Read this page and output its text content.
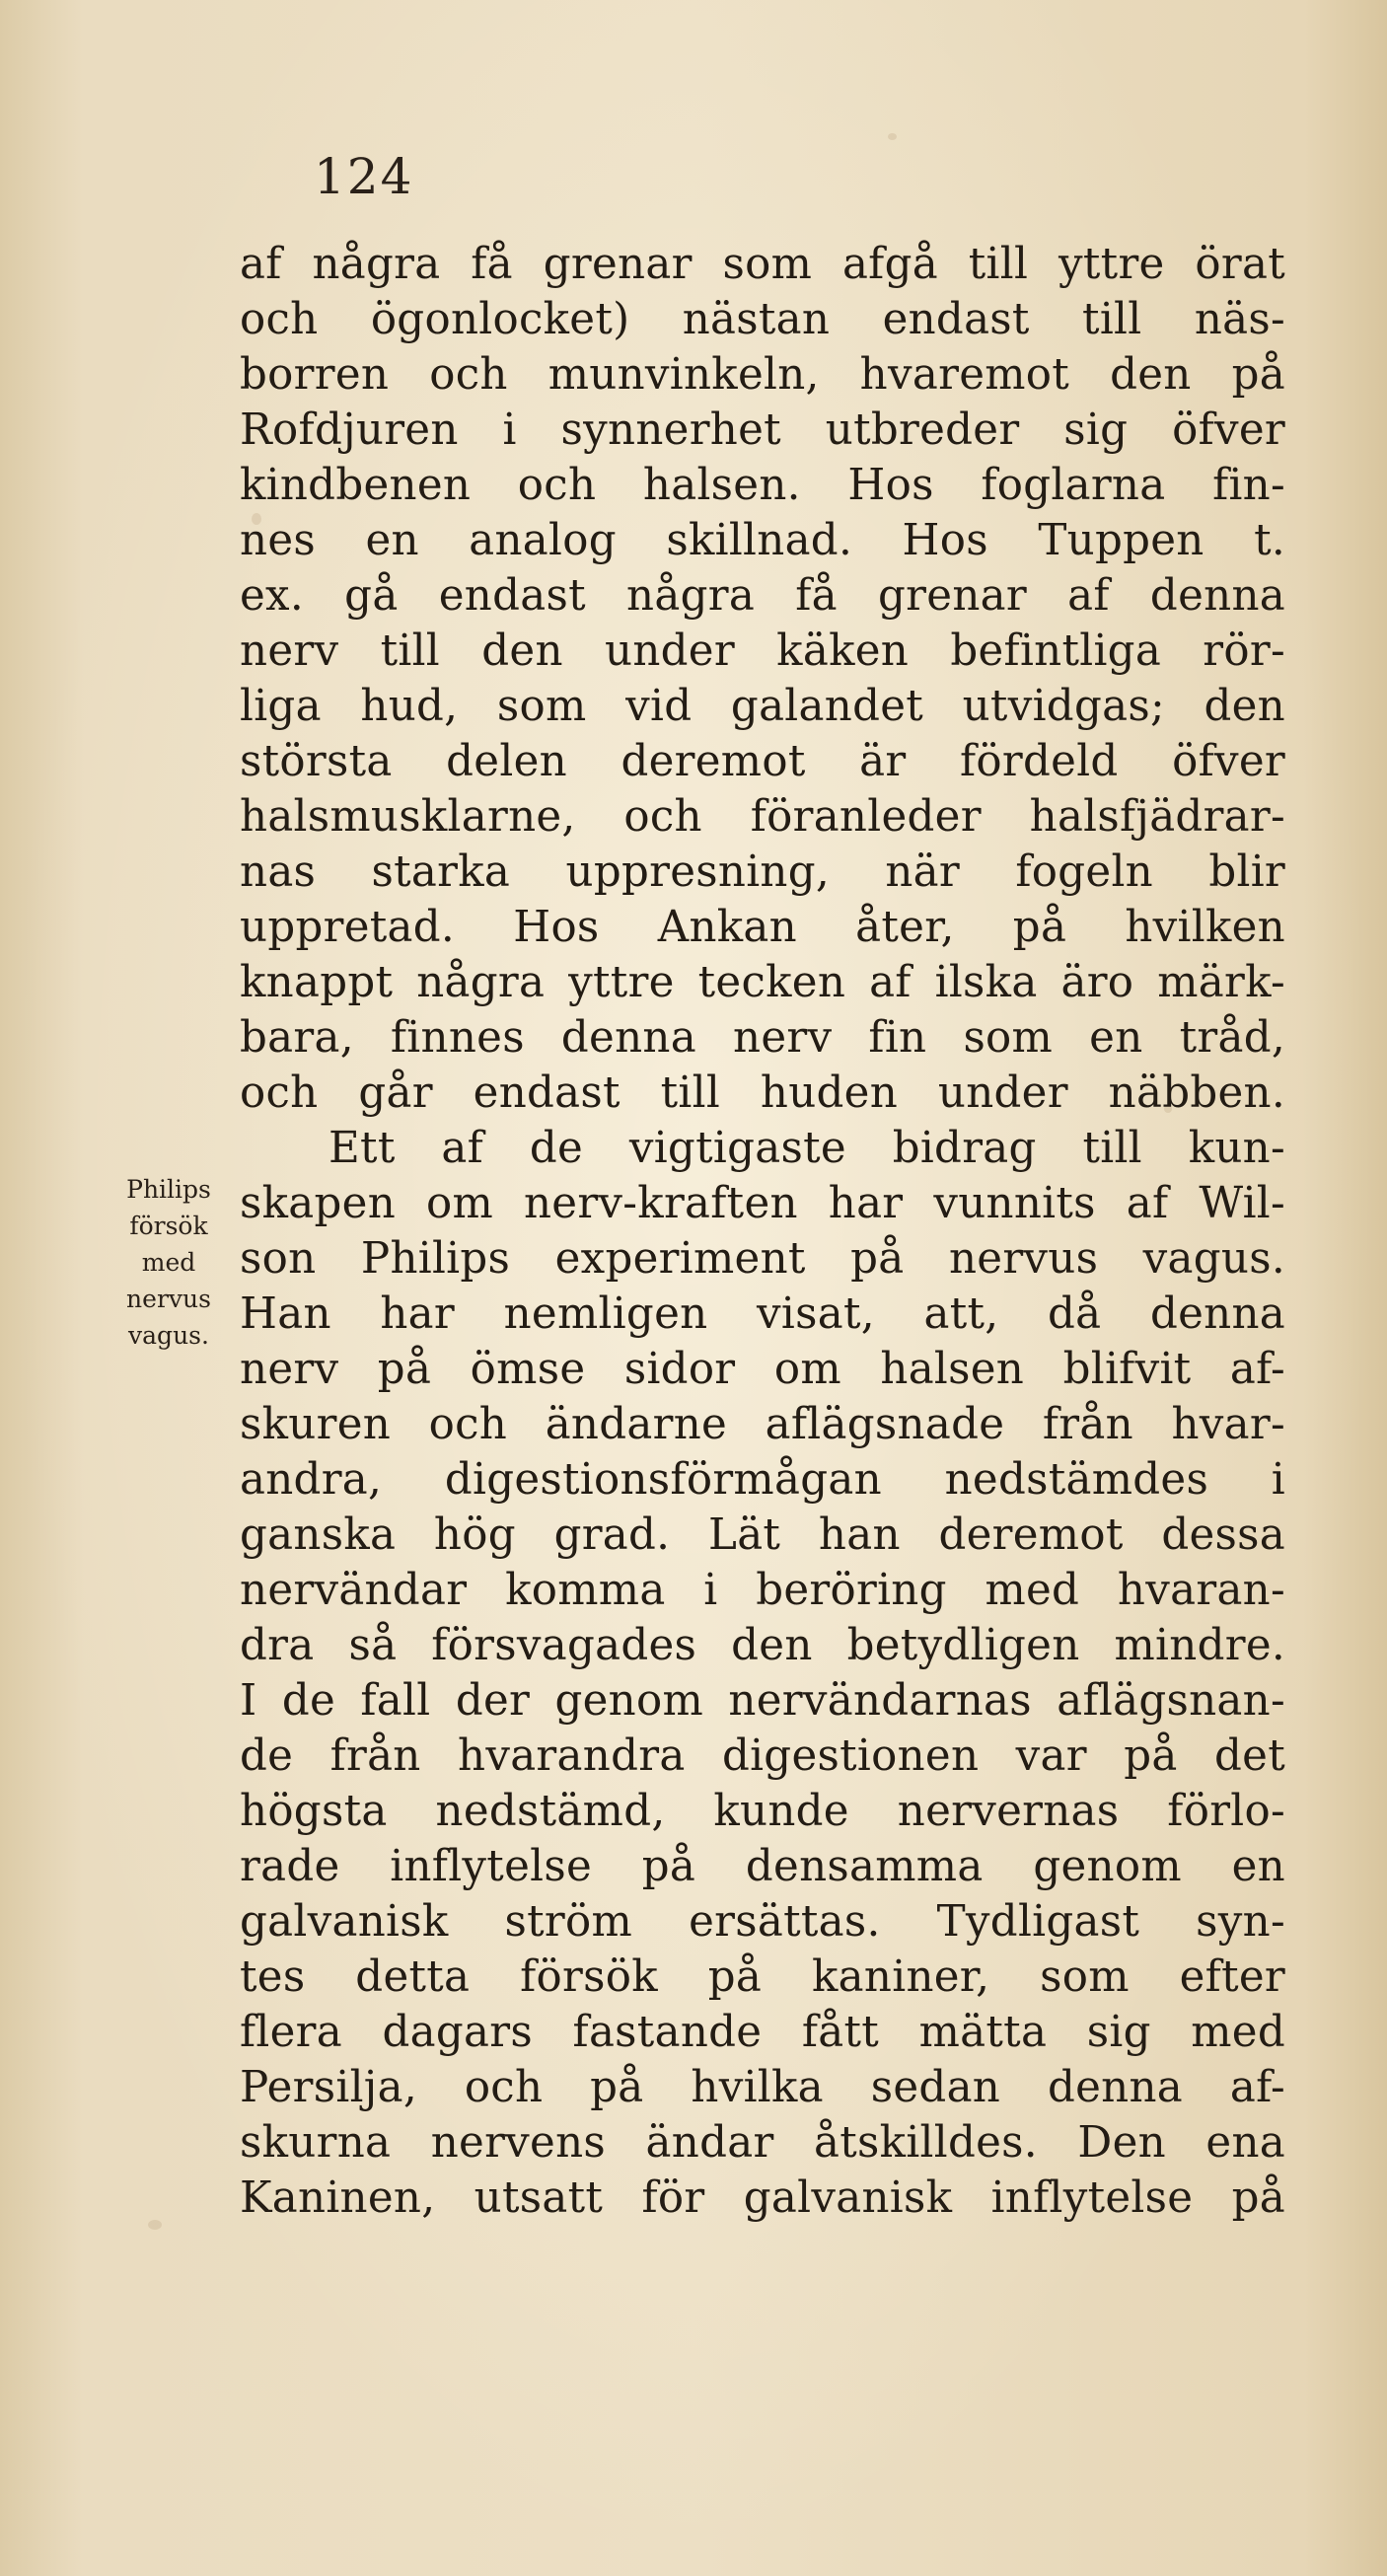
124
Philips
försök
med
nervus
vagus.
af några få grenar som afgå till yttre örat
och ögonlocket) nästan endast till näs-
borren och munvinkeln, hvaremot den på
Rofdjuren i synnerhet utbreder sig öfver
kindbenen och halsen. Hos foglarna fin-
nes en analog skillnad. Hos Tuppen t.
ex. gå endast några få grenar af denna
nerv till den under käken befintliga rör-
liga hud, som vid galandet utvidgas; den
största delen deremot är fördeld öfver
halsmusklarne, och föranleder halsfjädrar-
nas starka uppresning, när fogeln blir
uppretad. Hos Ankan åter, på hvilken
knappt några yttre tecken af ilska äro märk-
bara, finnes denna nerv fin som en tråd,
och går endast till huden under näbben.
Ett af de vigtigaste bidrag till kun-
skapen om nerv-kraften har vunnits af Wil-
son Philips experiment på nervus vagus.
Han har nemligen visat, att, då denna
nerv på ömse sidor om halsen blifvit af-
skuren och ändarne aflägsnade från hvar-
andra, digestionsförmågan nedstämdes i
ganska hög grad. Lät han deremot dessa
nervändar komma i beröring med hvaran-
dra så försvagades den betydligen mindre.
I de fall der genom nervändarnas aflägsnan-
de från hvarandra digestionen var på det
högsta nedstämd, kunde nervernas förlo-
rade inflytelse på densamma genom en
galvanisk ström ersättas. Tydligast syn-
tes detta försök på kaniner, som efter
flera dagars fastande fått mätta sig med
Persilja, och på hvilka sedan denna af-
skurna nervens ändar åtskilldes. Den ena
Kaninen, utsatt för galvanisk inflytelse på
